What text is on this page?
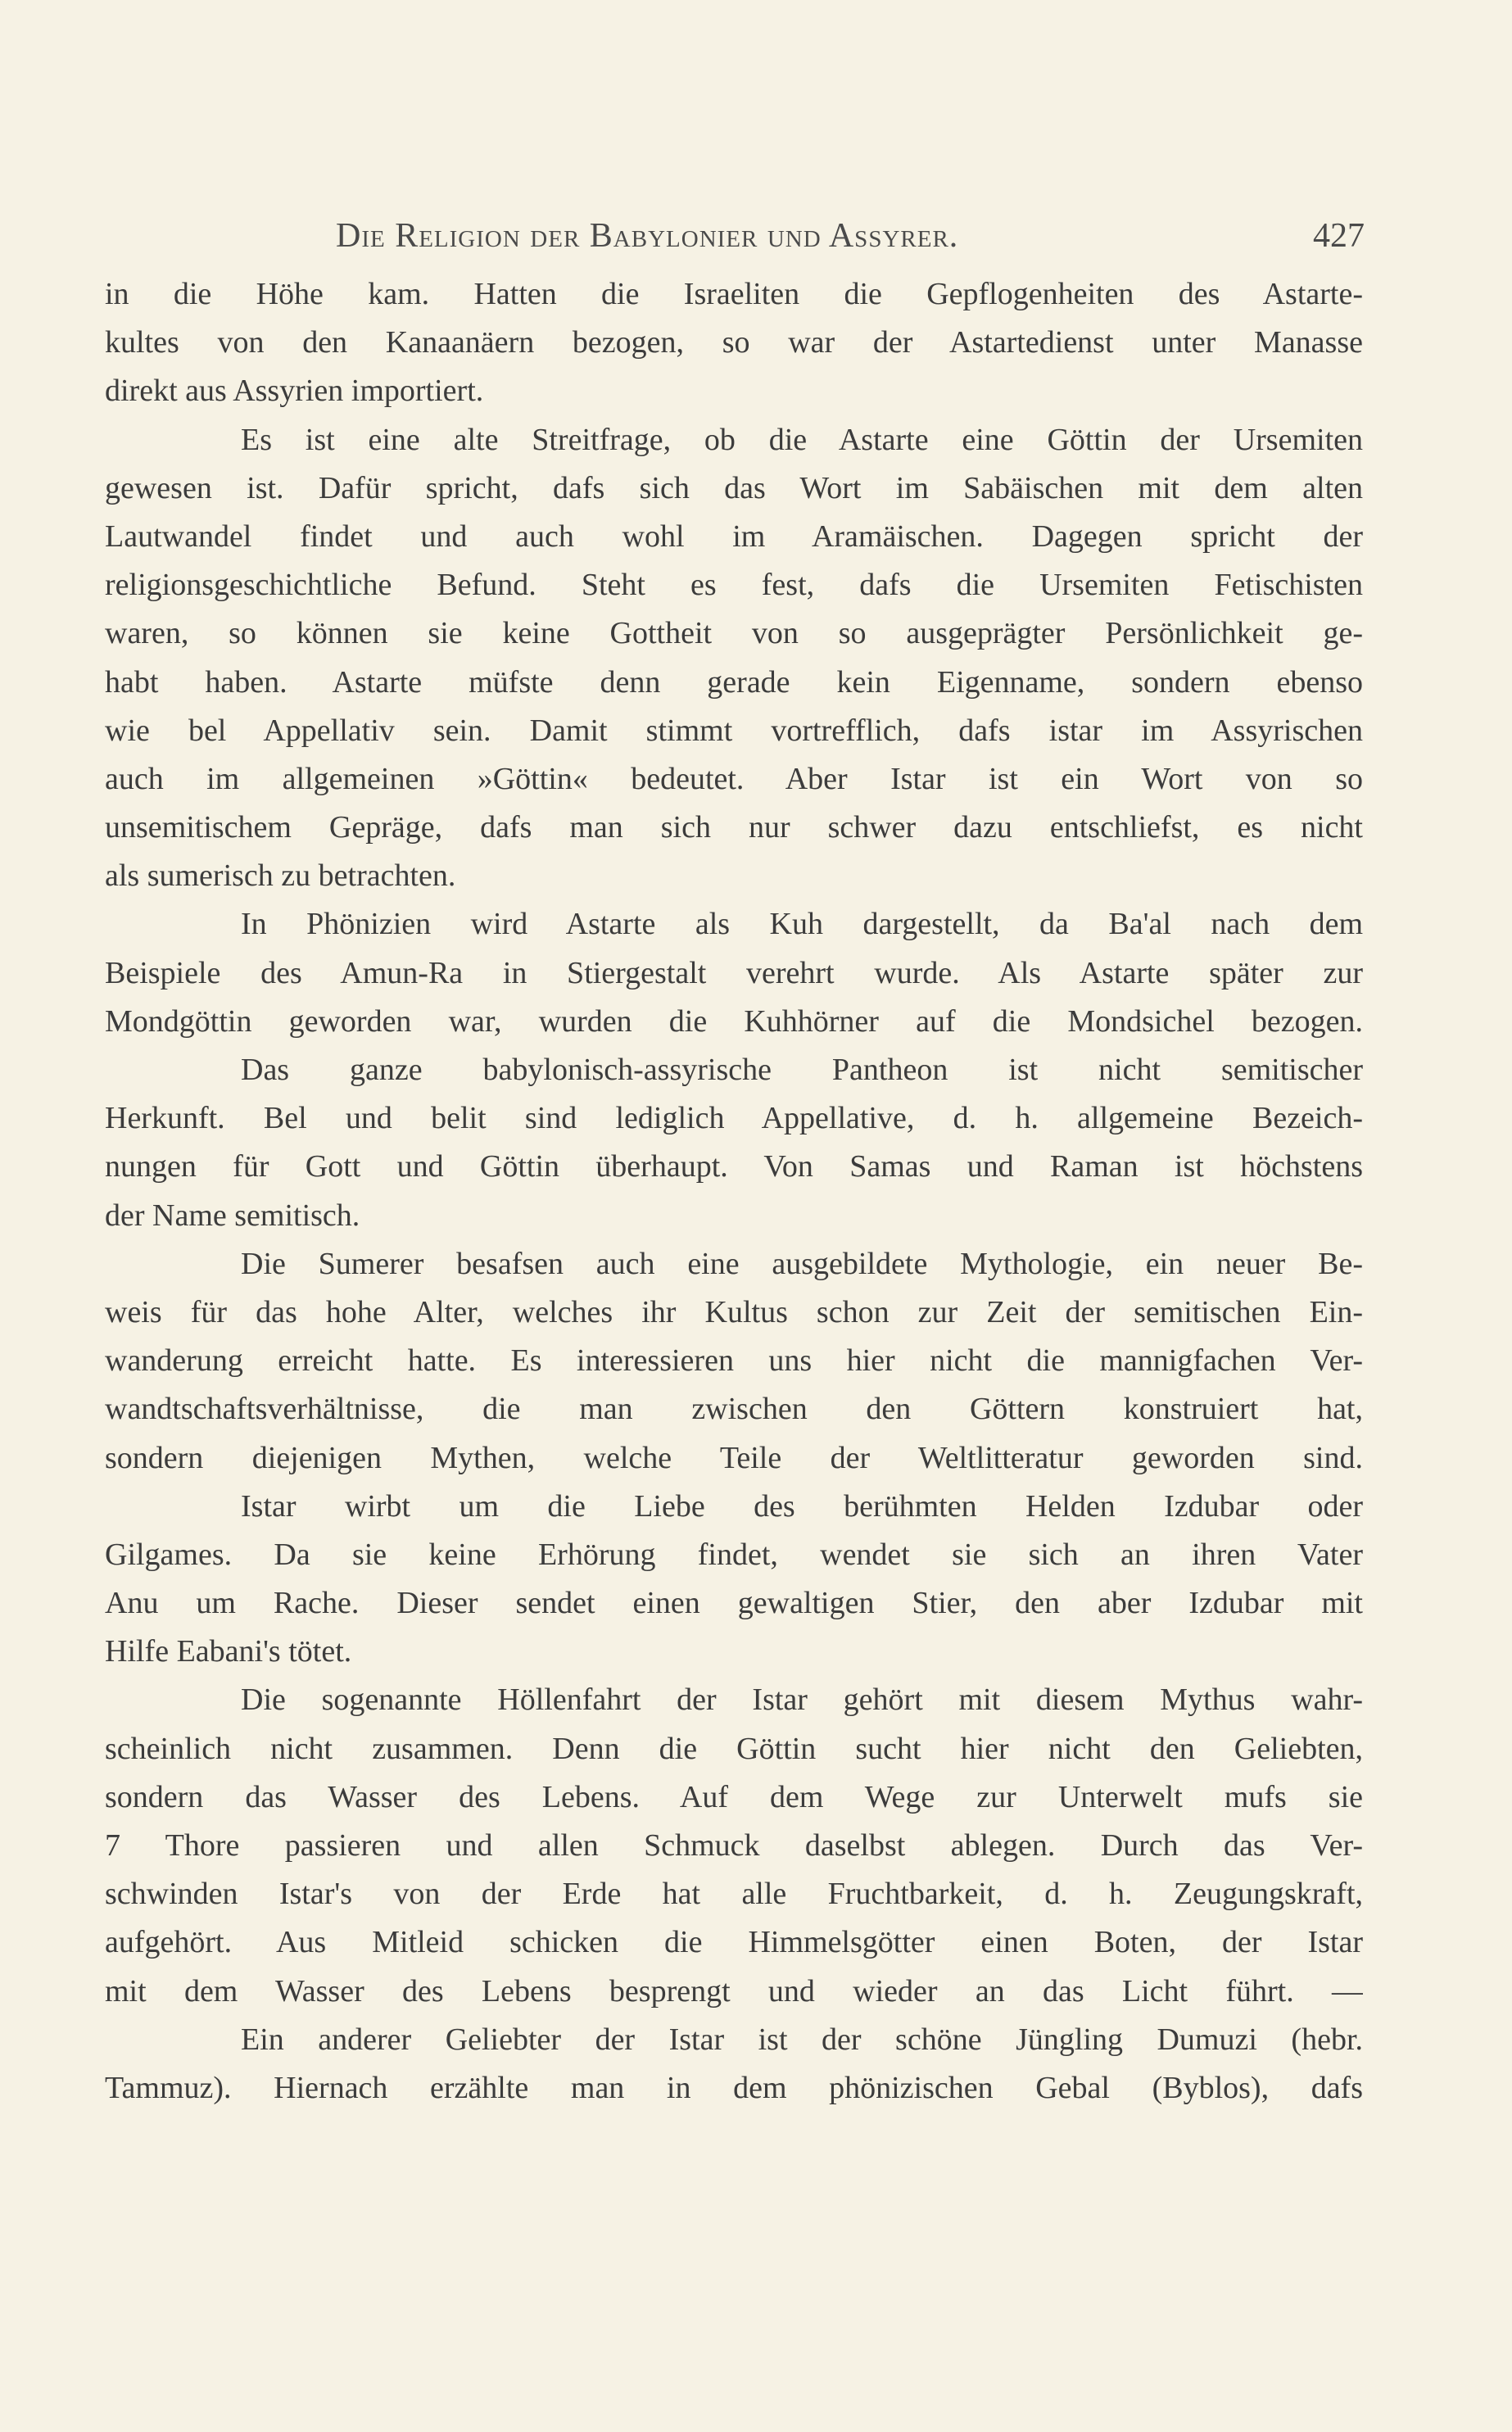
Die Religion der Babylonier und Assyrer.	427
in die Höhe kam. Hatten die Israeliten die Gepflogenheiten des Astarte-
kultes von den Kanaanäern bezogen, so war der Astartedienst unter Manasse
direkt aus Assyrien importiert.
Es ist eine alte Streitfrage, ob die Astarte eine Göttin der Ursemiten
gewesen ist. Dafür spricht, dafs sich das Wort im Sabäischen mit dem alten
Lautwandel findet und auch wohl im Aramäischen. Dagegen spricht der
religionsgeschichtliche Befund. Steht es fest, dafs die Ursemiten Fetischisten
waren, so können sie keine Gottheit von so ausgeprägter Persönlichkeit ge-
habt haben. Astarte müfste denn gerade kein Eigenname, sondern ebenso
wie bel Appellativ sein. Damit stimmt vortrefflich, dafs istar im Assyrischen
auch im allgemeinen »Göttin« bedeutet. Aber Istar ist ein Wort von so
unsemitischem Gepräge, dafs man sich nur schwer dazu entschliefst, es nicht
als sumerisch zu betrachten.
In Phönizien wird Astarte als Kuh dargestellt, da Ba'al nach dem
Beispiele des Amun-Ra in Stiergestalt verehrt wurde. Als Astarte später zur
Mondgöttin geworden war, wurden die Kuhhörner auf die Mondsichel bezogen.
Das ganze babylonisch-assyrische Pantheon ist nicht semitischer
Herkunft. Bel und belit sind lediglich Appellative, d. h. allgemeine Bezeich-
nungen für Gott und Göttin überhaupt. Von Samas und Raman ist höchstens
der Name semitisch.
Die Sumerer besafsen auch eine ausgebildete Mythologie, ein neuer Be-
weis für das hohe Alter, welches ihr Kultus schon zur Zeit der semitischen Ein-
wanderung erreicht hatte. Es interessieren uns hier nicht die mannigfachen Ver-
wandtschaftsverhältnisse, die man zwischen den Göttern konstruiert hat,
sondern diejenigen Mythen, welche Teile der Weltlitteratur geworden sind.
Istar wirbt um die Liebe des berühmten Helden Izdubar oder
Gilgames. Da sie keine Erhörung findet, wendet sie sich an ihren Vater
Anu um Rache. Dieser sendet einen gewaltigen Stier, den aber Izdubar mit
Hilfe Eabani's tötet.
Die sogenannte Höllenfahrt der Istar gehört mit diesem Mythus wahr-
scheinlich nicht zusammen. Denn die Göttin sucht hier nicht den Geliebten,
sondern das Wasser des Lebens. Auf dem Wege zur Unterwelt mufs sie
7 Thore passieren und allen Schmuck daselbst ablegen. Durch das Ver-
schwinden Istar's von der Erde hat alle Fruchtbarkeit, d. h. Zeugungskraft,
aufgehört. Aus Mitleid schicken die Himmelsgötter einen Boten, der Istar
mit dem Wasser des Lebens besprengt und wieder an das Licht führt. —
Ein anderer Geliebter der Istar ist der schöne Jüngling Dumuzi (hebr.
Tammuz). Hiernach erzählte man in dem phönizischen Gebal (Byblos), dafs
